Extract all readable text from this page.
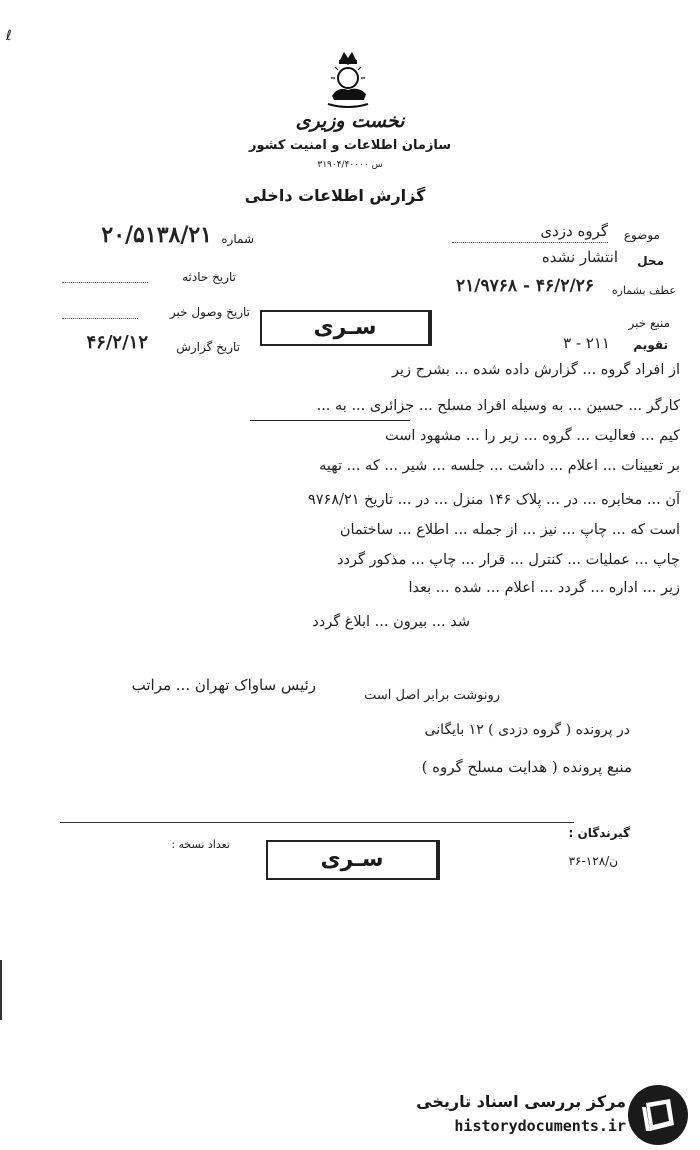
ℓ
نخست وزیری
سازمان اطلاعات و امنیت کشور
س ۳۱۹۰۴/۴۰۰۰۰
گزارش اطلاعات داخلی
شماره
۲۰/۵۱۳۸/۲۱
تاریخ حادثه
تاریخ وصول خبر
تاریخ گزارش
۴۶/۲/۱۲
موضوع
گروه دزدی
محل
انتشار نشده
عطف بشماره
۲۱/۹۷۶۸ - ۴۶/۲/۲۶
منبع خبر
تقویم
۳ - ۲۱۱
سـری
از افراد گروه ... گزارش داده شده ... بشرح زیر
کارگر ... حسین ... به وسیله افراد مسلح ... جزائری ... به ...
کیم ... فعالیت ... گروه ... زیر را ... مشهود است
بر تعیینات ... اعلام ... داشت ... جلسه ... شیر ... که ... تهیه
آن ... مخابره ... در ... پلاک ۱۴۶ منزل ... در ... تاریخ ۹۷۶۸/۲۱
است که ... چاپ ... نیز ... از جمله ... اطلاع ... ساختمان
چاپ ... عملیات ... کنترل ... قرار ... چاپ ... مذکور گردد
زیر ... اداره ... گردد ... اعلام ... شده ... بعدا
شد ... بیرون ... ابلاغ گردد
رئیس ساواک تهران ... مراتب
رونوشت برابر اصل است
در پرونده ( گروه دزدی ) ۱۲ بایگانی
منبع پرونده ( هدایت مسلح گروه )
گیرندگان :
۳۶-۱۲۸/ن
تعداد نسخه :
سـری
مرکز بررسی اسناد تاریخی
historydocuments.ir
